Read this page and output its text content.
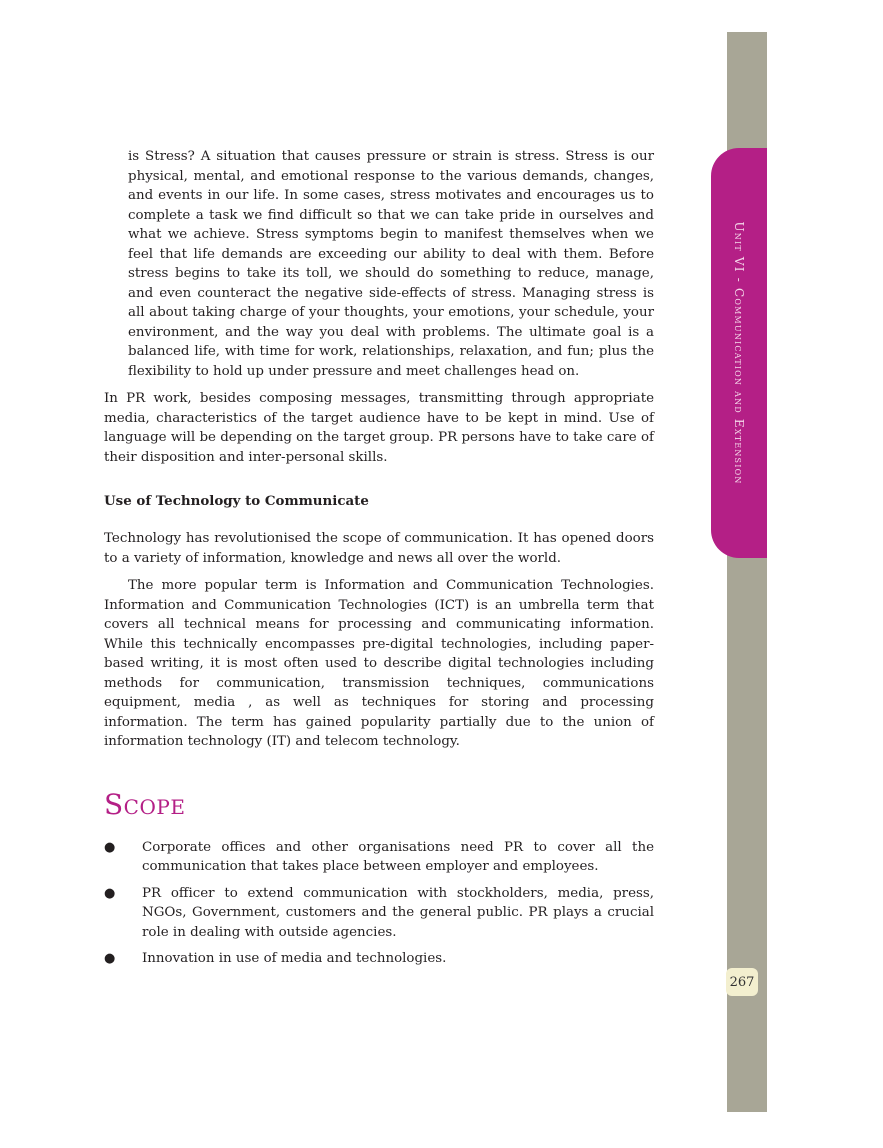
Unit VI - Communication and Extension
267

is Stress? A situation that causes pressure or strain is stress. Stress is our physical, mental, and emotional response to the various demands, changes, and events in our life. In some cases, stress motivates and encourages us to complete a task we find difficult so that we can take pride in ourselves and what we achieve. Stress symptoms begin to manifest themselves when we feel that life demands are exceeding our ability to deal with them. Before stress begins to take its toll, we should do something to reduce, manage, and even counteract the negative side-effects of stress. Managing stress is all about taking charge of your thoughts, your emotions, your schedule, your environment, and the way you deal with problems. The ultimate goal is a balanced life, with time for work, relationships, relaxation, and fun; plus the flexibility to hold up under pressure and meet challenges head on.

In PR work, besides composing messages, transmitting through appropriate media, characteristics of the target audience have to be kept in mind. Use of language will be depending on the target group. PR persons have to take care of their disposition and inter-personal skills.

Use of Technology to Communicate

Technology has revolutionised the scope of communication. It has opened doors to a variety of information, knowledge and news all over the world.

The more popular term is Information and Communication Technologies. Information and Communication Technologies (ICT) is an umbrella term that covers all technical means for processing and communicating information. While this technically encompasses pre-digital technologies, including paper-based writing, it is most often used to describe digital technologies including methods for communication, transmission techniques, communications equipment, media , as well as techniques for storing and processing information. The term has gained popularity partially due to the union of information technology (IT) and telecom technology.

Scope
● Corporate offices and other organisations need PR to cover all the communication that takes place between employer and employees.

● PR officer to extend communication with stockholders, media, press, NGOs, Government, customers and the general public. PR plays a crucial role in dealing with outside agencies.

● Innovation in use of media and technologies.
